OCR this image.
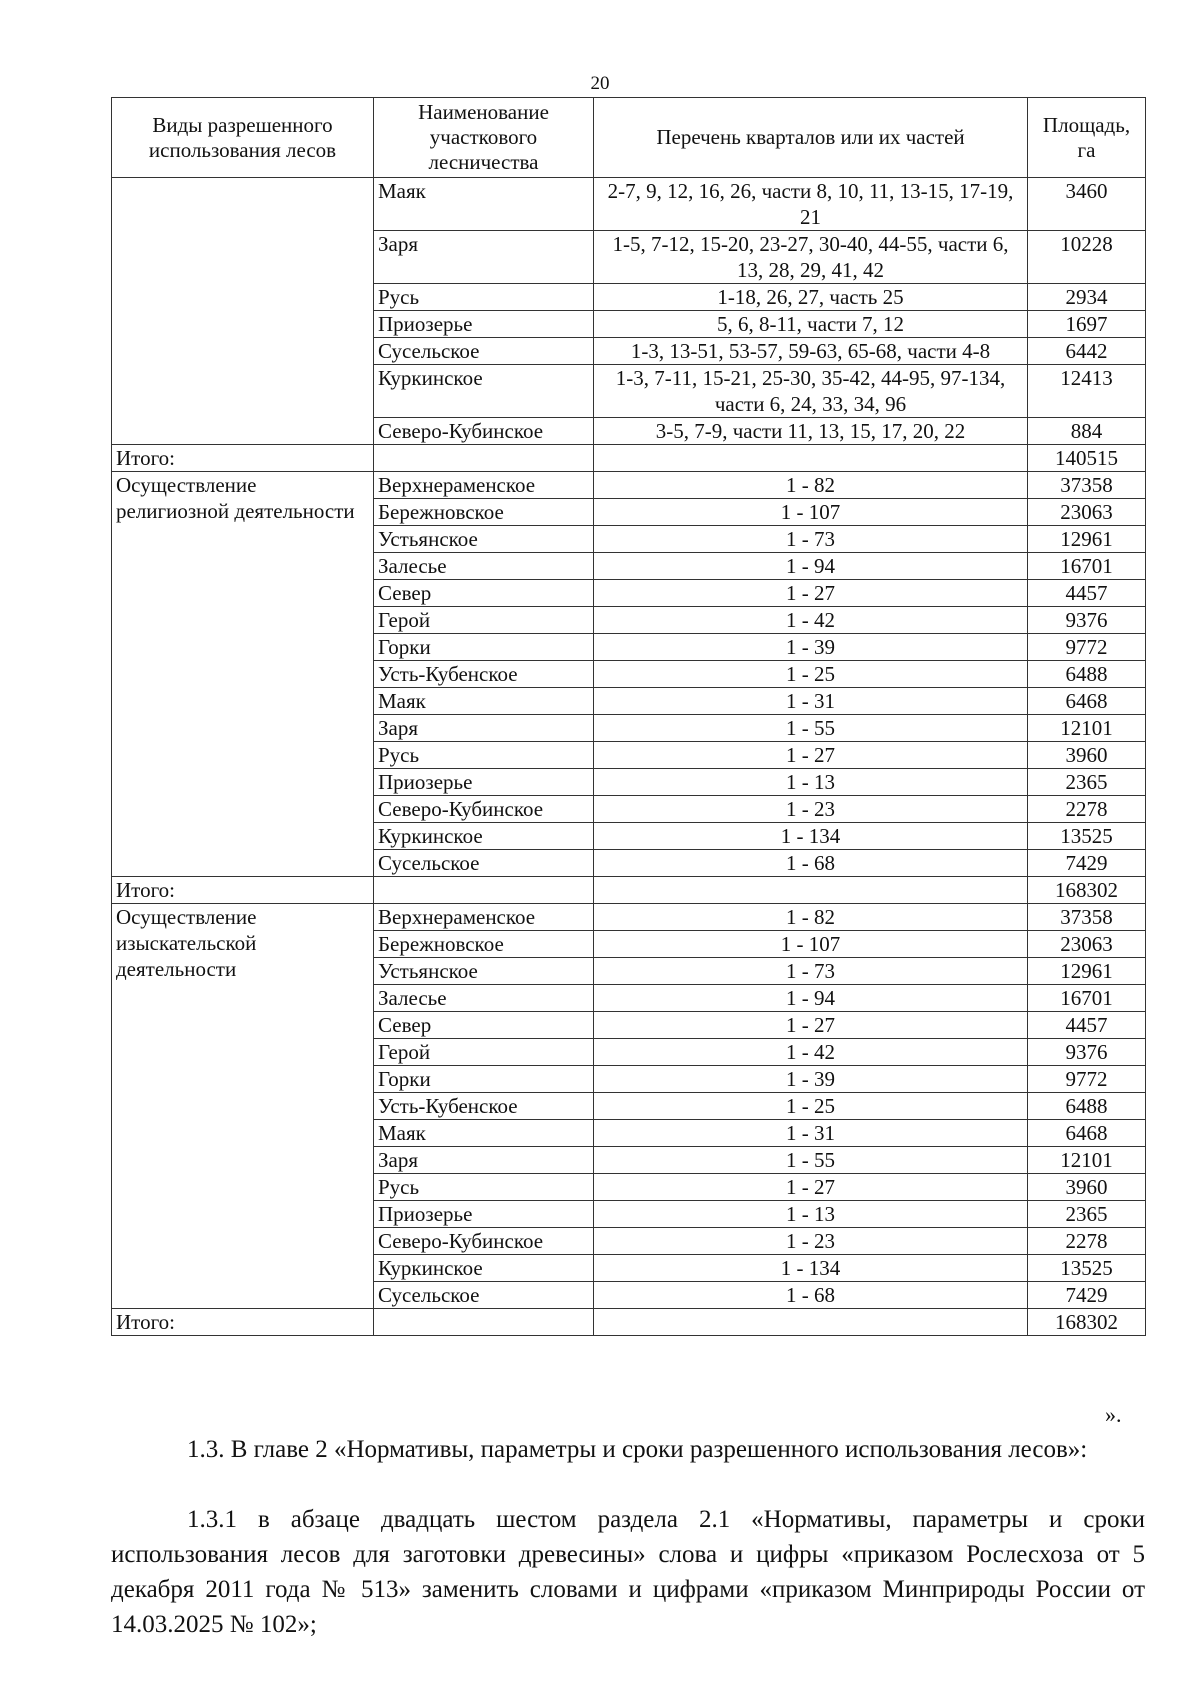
20
Виды разрешенного использования лесов	Наименование участкового лесничества	Перечень кварталов или их частей	Площадь, га
	Маяк	2-7, 9, 12, 16, 26, части 8, 10, 11, 13-15, 17-19, 21	3460
	Заря	1-5, 7-12, 15-20, 23-27, 30-40, 44-55, части 6, 13, 28, 29, 41, 42	10228
	Русь	1-18, 26, 27, часть 25	2934
	Приозерье	5, 6, 8-11, части 7, 12	1697
	Сусельское	1-3, 13-51, 53-57, 59-63, 65-68, части 4-8	6442
	Куркинское	1-3, 7-11, 15-21, 25-30, 35-42, 44-95, 97-134, части 6, 24, 33, 34, 96	12413
	Северо-Кубинское	3-5, 7-9, части 11, 13, 15, 17, 20, 22	884
Итого:			140515
Осуществление религиозной деятельности	Верхнераменское	1 - 82	37358
	Бережновское	1 - 107	23063
	Устьянское	1 - 73	12961
	Залесье	1 - 94	16701
	Север	1 - 27	4457
	Герой	1 - 42	9376
	Горки	1 - 39	9772
	Усть-Кубенское	1 - 25	6488
	Маяк	1 - 31	6468
	Заря	1 - 55	12101
	Русь	1 - 27	3960
	Приозерье	1 - 13	2365
	Северо-Кубинское	1 - 23	2278
	Куркинское	1 - 134	13525
	Сусельское	1 - 68	7429
Итого:			168302
Осуществление изыскательской деятельности	Верхнераменское	1 - 82	37358
	Бережновское	1 - 107	23063
	Устьянское	1 - 73	12961
	Залесье	1 - 94	16701
	Север	1 - 27	4457
	Герой	1 - 42	9376
	Горки	1 - 39	9772
	Усть-Кубенское	1 - 25	6488
	Маяк	1 - 31	6468
	Заря	1 - 55	12101
	Русь	1 - 27	3960
	Приозерье	1 - 13	2365
	Северо-Кубинское	1 - 23	2278
	Куркинское	1 - 134	13525
	Сусельское	1 - 68	7429
Итого:			168302
».
1.3. В главе 2 «Нормативы, параметры и сроки разрешенного использования лесов»:
1.3.1 в абзаце двадцать шестом раздела 2.1 «Нормативы, параметры и сроки использования лесов для заготовки древесины» слова и цифры «приказом Рослесхоза от 5 декабря 2011 года № 513» заменить словами и цифрами «приказом Минприроды России от 14.03.2025 № 102»;
